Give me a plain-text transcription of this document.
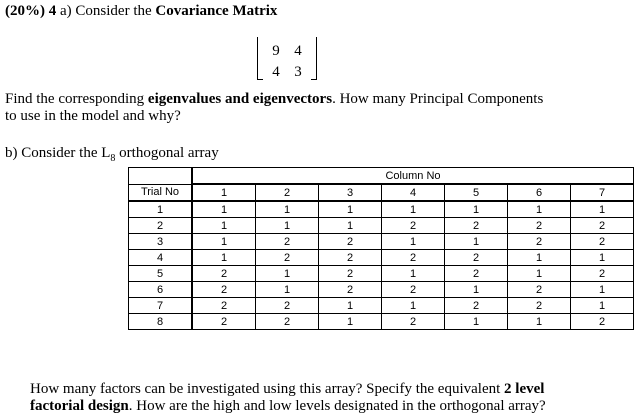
(20%) 4 a) Consider the Covariance Matrix
9 4
4 3
Find the corresponding eigenvalues and eigenvectors. How many Principal Components
to use in the model and why?
b) Consider the $L_8$ orthogonal array
	Column No						
Trial No	1	2	3	4	5	6	7
1	1	1	1	1	1	1	1
2	1	1	1	2	2	2	2
3	1	2	2	1	1	2	2
4	1	2	2	2	2	1	1
5	2	1	2	1	2	1	2
6	2	1	2	2	1	2	1
7	2	2	1	1	2	2	1
8	2	2	1	2	1	1	2
How many factors can be investigated using this array? Specify the equivalent 2 level
factorial design. How are the high and low levels designated in the orthogonal array?
